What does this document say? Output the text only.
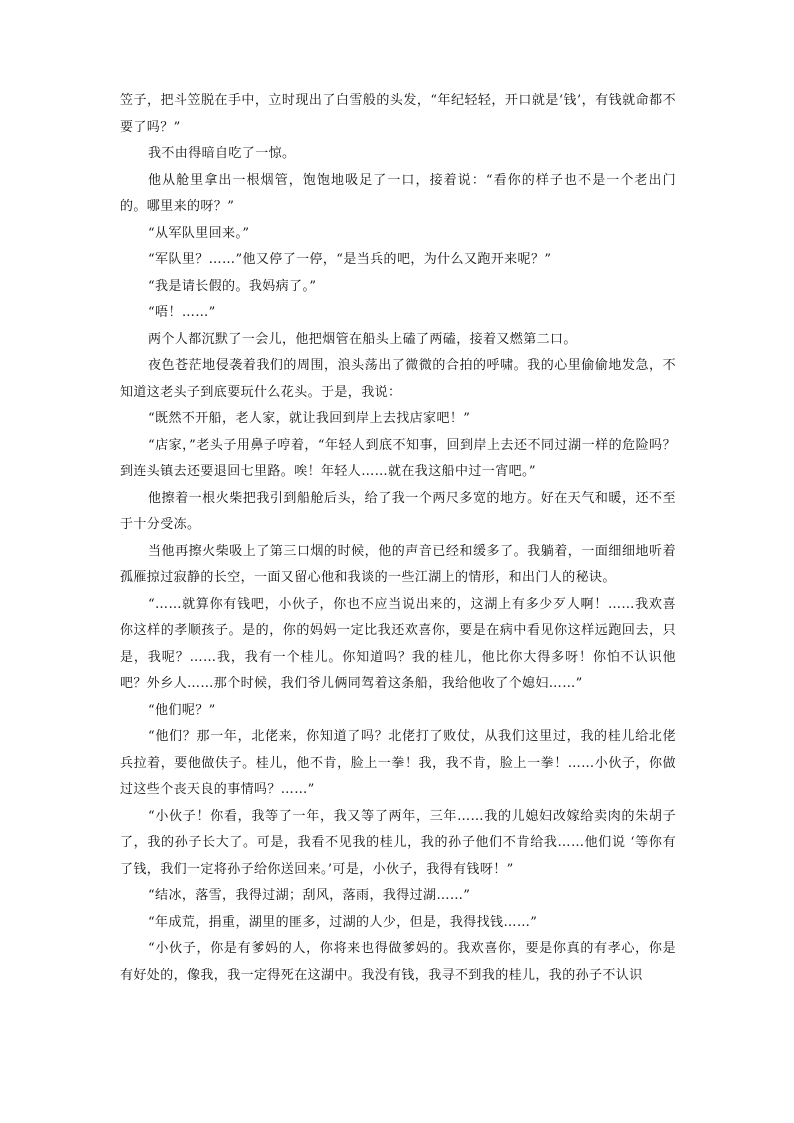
笠子，把斗笠脱在手中，立时现出了白雪般的头发，“年纪轻轻，开口就是‘钱’，有钱就命都不要了吗？”

我不由得暗自吃了一惊。

他从舱里拿出一根烟管，饱饱地吸足了一口，接着说：“看你的样子也不是一个老出门的。哪里来的呀？”

“从军队里回来。”

“军队里？……”他又停了一停，“是当兵的吧，为什么又跑开来呢？”

“我是请长假的。我妈病了。”

“唔！……”

两个人都沉默了一会儿，他把烟管在船头上磕了两磕，接着又燃第二口。

夜色苍茫地侵袭着我们的周围，浪头荡出了微微的合拍的呼啸。我的心里偷偷地发急，不知道这老头子到底要玩什么花头。于是，我说：

“既然不开船，老人家，就让我回到岸上去找店家吧！”

“店家，”老头子用鼻子哼着，“年轻人到底不知事，回到岸上去还不同过湖一样的危险吗？到连头镇去还要退回七里路。唉！年轻人……就在我这船中过一宵吧。”

他擦着一根火柴把我引到船舱后头，给了我一个两尺多宽的地方。好在天气和暖，还不至于十分受冻。

当他再擦火柴吸上了第三口烟的时候，他的声音已经和缓多了。我躺着，一面细细地听着孤雁掠过寂静的长空，一面又留心他和我谈的一些江湖上的情形，和出门人的秘诀。

“……就算你有钱吧，小伙子，你也不应当说出来的，这湖上有多少歹人啊！……我欢喜你这样的孝顺孩子。是的，你的妈妈一定比我还欢喜你，要是在病中看见你这样远跑回去，只是，我呢？……我，我有一个桂儿。你知道吗？我的桂儿，他比你大得多呀！你怕不认识他吧？外乡人……那个时候，我们爷儿俩同驾着这条船，我给他收了个媳妇……”

“他们呢？”

“他们？那一年，北佬来，你知道了吗？北佬打了败仗，从我们这里过，我的桂儿给北佬兵拉着，要他做伕子。桂儿，他不肯，脸上一拳！我，我不肯，脸上一拳！……小伙子，你做过这些个丧天良的事情吗？……”

“小伙子！你看，我等了一年，我又等了两年，三年……我的儿媳妇改嫁给卖肉的朱胡子了，我的孙子长大了。可是，我看不见我的桂儿，我的孙子他们不肯给我……他们说 ‘等你有了钱，我们一定将孙子给你送回来。’可是，小伙子，我得有钱呀！”

“结冰，落雪，我得过湖；刮风，落雨，我得过湖……”

“年成荒，捐重，湖里的匪多，过湖的人少，但是，我得找钱……”

“小伙子，你是有爹妈的人，你将来也得做爹妈的。我欢喜你，要是你真的有孝心，你是有好处的，像我，我一定得死在这湖中。我没有钱，我寻不到我的桂儿，我的孙子不认识
